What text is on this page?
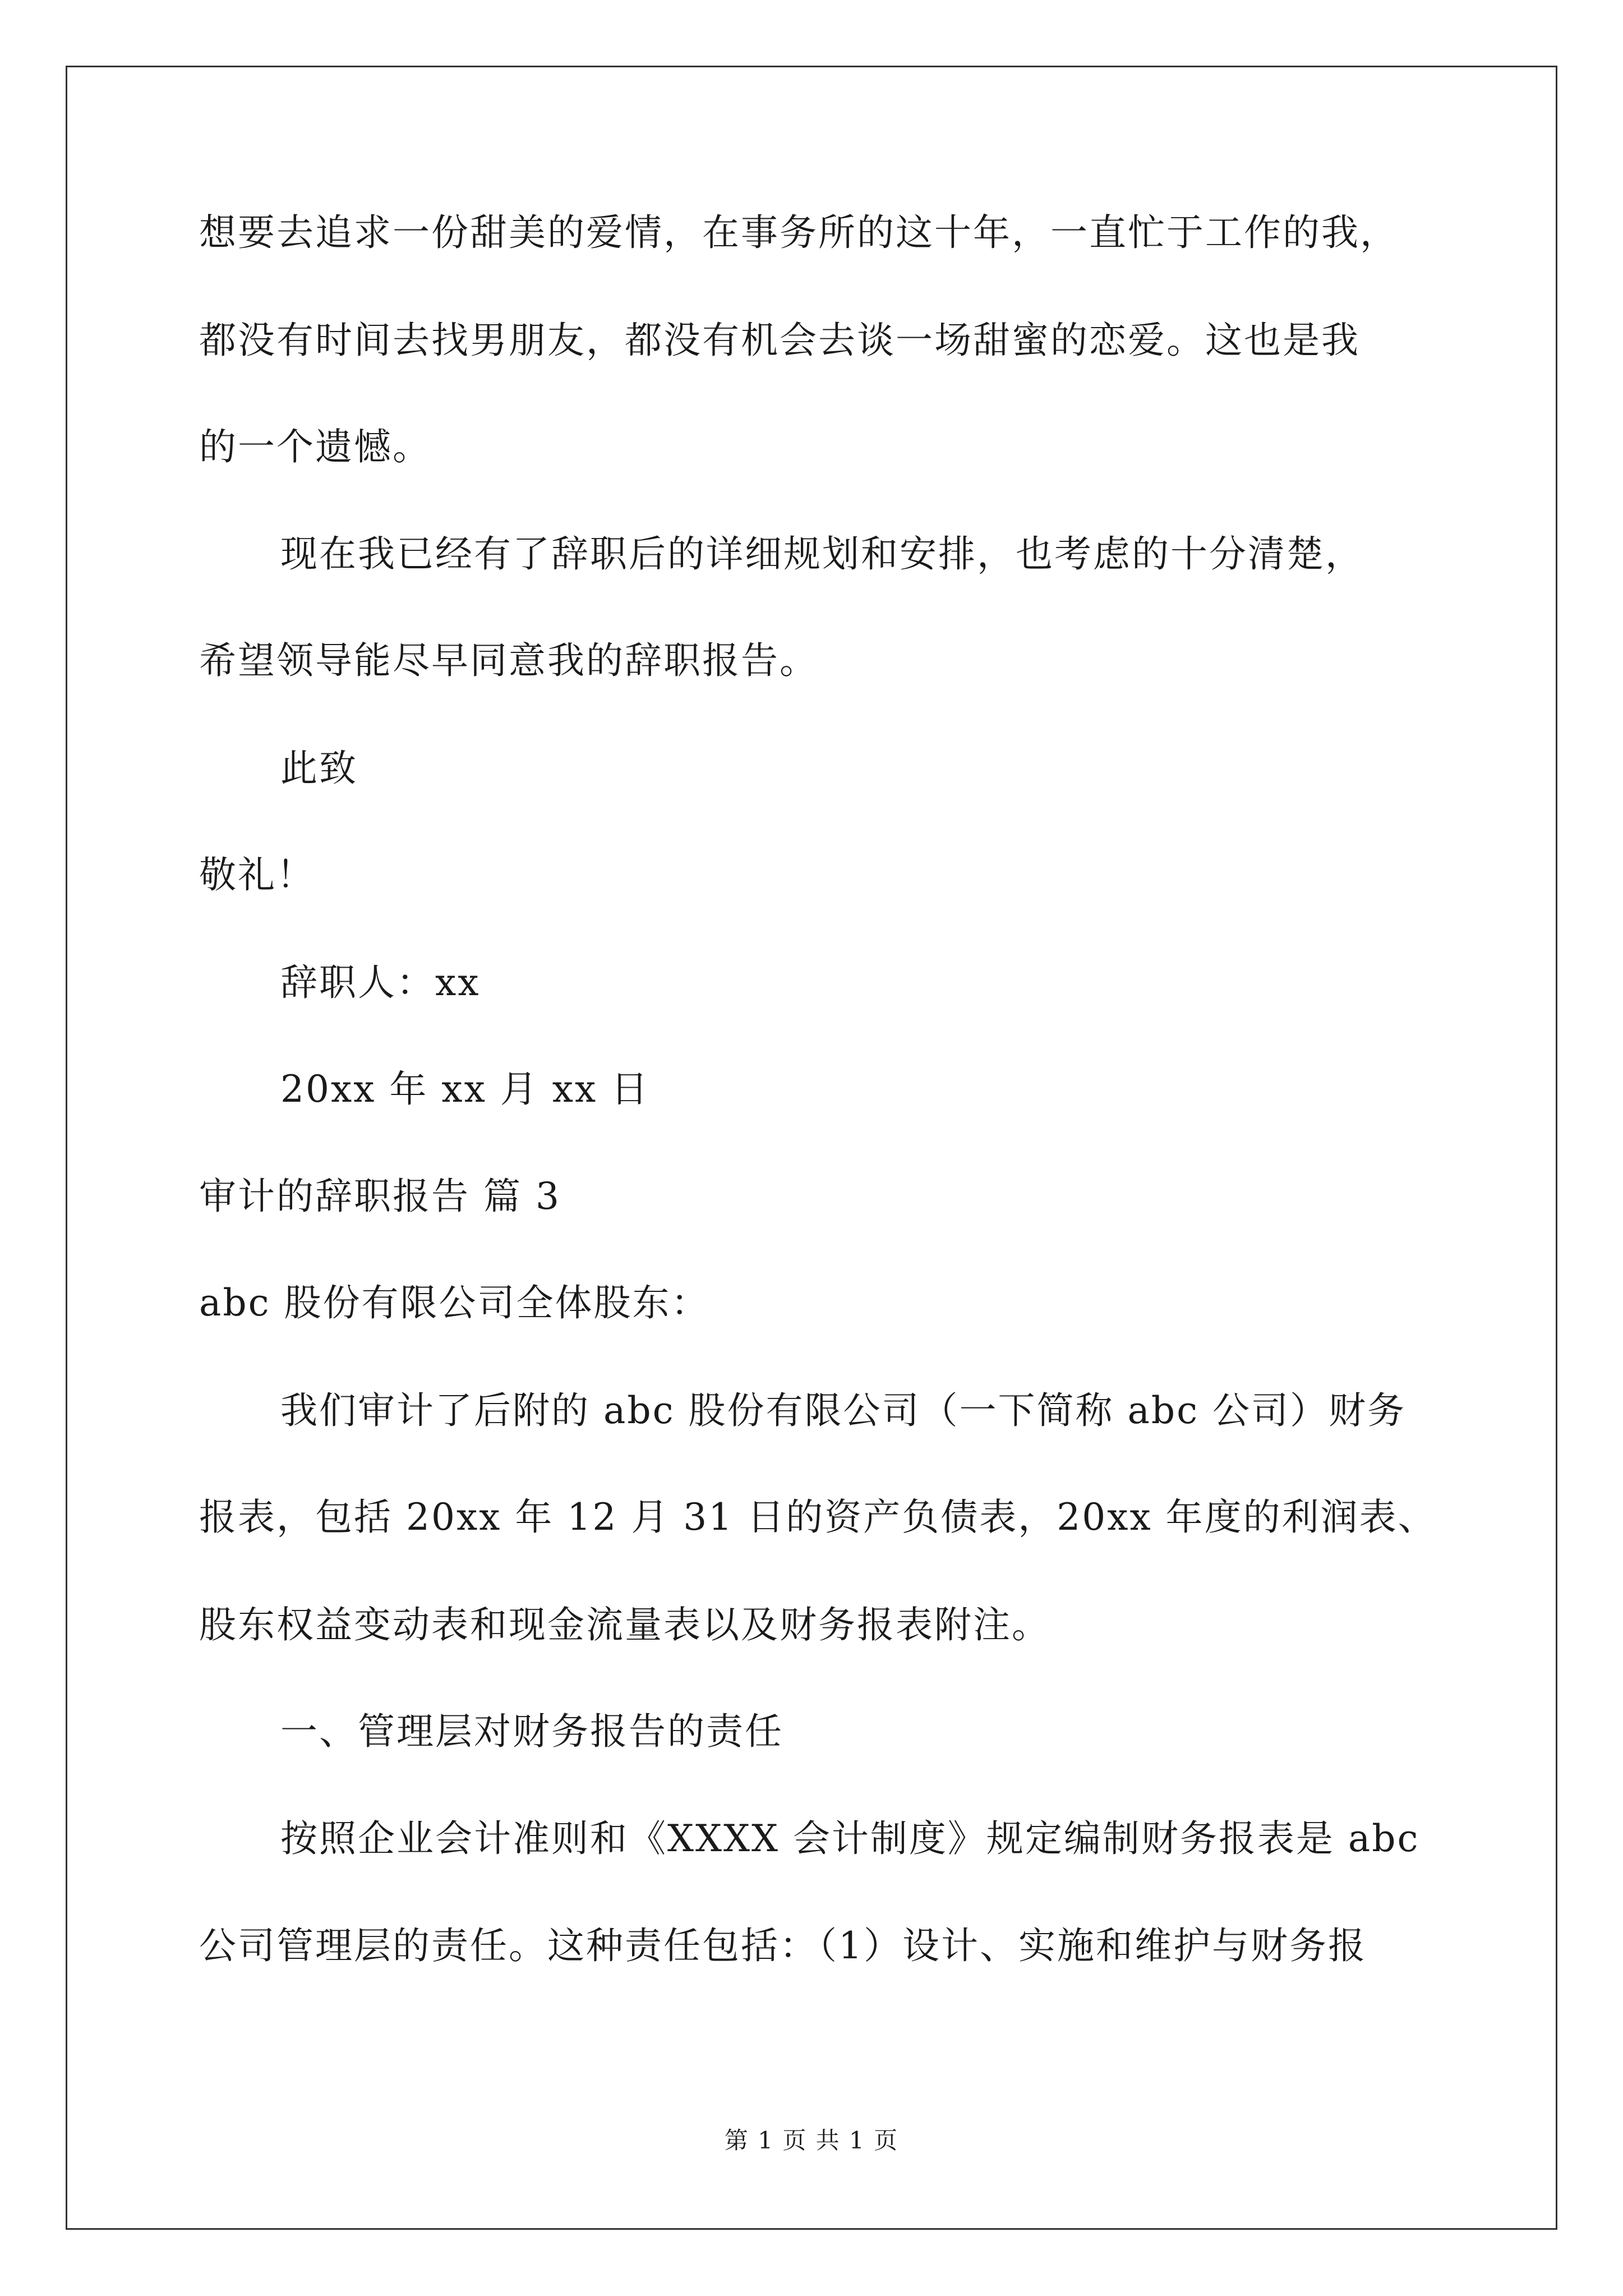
想要去追求一份甜美的爱情，在事务所的这十年，一直忙于工作的我，
都没有时间去找男朋友，都没有机会去谈一场甜蜜的恋爱。这也是我
的一个遗憾。
现在我已经有了辞职后的详细规划和安排，也考虑的十分清楚，
希望领导能尽早同意我的辞职报告。
此致
敬礼！
辞职人：xx
20xx 年 xx 月 xx 日
审计的辞职报告 篇 3
abc 股份有限公司全体股东：
我们审计了后附的 abc 股份有限公司（一下简称 abc 公司）财务
报表，包括 20xx 年 12 月 31 日的资产负债表，20xx 年度的利润表、
股东权益变动表和现金流量表以及财务报表附注。
一、管理层对财务报告的责任
按照企业会计准则和《XXXX 会计制度》规定编制财务报表是 abc
公司管理层的责任。这种责任包括：（1）设计、实施和维护与财务报
第 1 页 共 1 页
